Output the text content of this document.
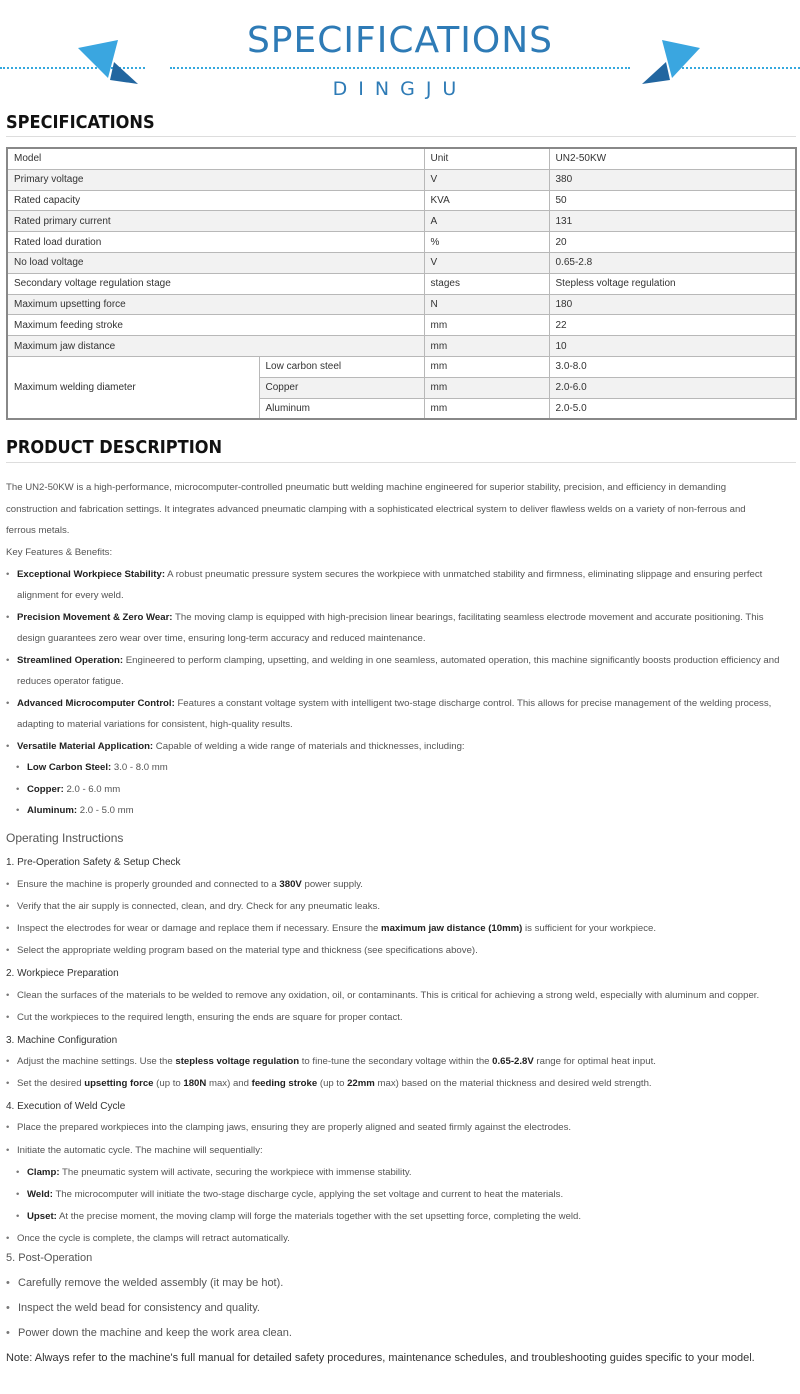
SPECIFICATIONS
DINGJU
SPECIFICATIONS
Model		Unit	UN2-50KW
Primary voltage		V	380
Rated capacity		KVA	50
Rated primary current		A	131
Rated load duration		%	20
No load voltage		V	0.65-2.8
Secondary voltage regulation stage		stages	Stepless voltage regulation
Maximum upsetting force		N	180
Maximum feeding stroke		mm	22
Maximum jaw distance		mm	10
Maximum welding diameter	Low carbon steel	mm	3.0-8.0
	Copper	mm	2.0-6.0
	Aluminum	mm	2.0-5.0
PRODUCT DESCRIPTION
The UN2-50KW is a high-performance, microcomputer-controlled pneumatic butt welding machine engineered for superior stability, precision, and efficiency in demanding
construction and fabrication settings. It integrates advanced pneumatic clamping with a sophisticated electrical system to deliver flawless welds on a variety of non-ferrous and
ferrous metals.
Key Features & Benefits:
• Exceptional Workpiece Stability: A robust pneumatic pressure system secures the workpiece with unmatched stability and firmness, eliminating slippage and ensuring perfect
alignment for every weld.
• Precision Movement & Zero Wear: The moving clamp is equipped with high-precision linear bearings, facilitating seamless electrode movement and accurate positioning. This
design guarantees zero wear over time, ensuring long-term accuracy and reduced maintenance.
• Streamlined Operation: Engineered to perform clamping, upsetting, and welding in one seamless, automated operation, this machine significantly boosts production efficiency and
reduces operator fatigue.
• Advanced Microcomputer Control: Features a constant voltage system with intelligent two-stage discharge control. This allows for precise management of the welding process,
adapting to material variations for consistent, high-quality results.
• Versatile Material Application: Capable of welding a wide range of materials and thicknesses, including:
• Low Carbon Steel: 3.0 - 8.0 mm
• Copper: 2.0 - 6.0 mm
• Aluminum: 2.0 - 5.0 mm
Operating Instructions
1. Pre-Operation Safety & Setup Check
• Ensure the machine is properly grounded and connected to a 380V power supply.
• Verify that the air supply is connected, clean, and dry. Check for any pneumatic leaks.
• Inspect the electrodes for wear or damage and replace them if necessary. Ensure the maximum jaw distance (10mm) is sufficient for your workpiece.
• Select the appropriate welding program based on the material type and thickness (see specifications above).
2. Workpiece Preparation
• Clean the surfaces of the materials to be welded to remove any oxidation, oil, or contaminants. This is critical for achieving a strong weld, especially with aluminum and copper.
• Cut the workpieces to the required length, ensuring the ends are square for proper contact.
3. Machine Configuration
• Adjust the machine settings. Use the stepless voltage regulation to fine-tune the secondary voltage within the 0.65-2.8V range for optimal heat input.
• Set the desired upsetting force (up to 180N max) and feeding stroke (up to 22mm max) based on the material thickness and desired weld strength.
4. Execution of Weld Cycle
• Place the prepared workpieces into the clamping jaws, ensuring they are properly aligned and seated firmly against the electrodes.
• Initiate the automatic cycle. The machine will sequentially:
• Clamp: The pneumatic system will activate, securing the workpiece with immense stability.
• Weld: The microcomputer will initiate the two-stage discharge cycle, applying the set voltage and current to heat the materials.
• Upset: At the precise moment, the moving clamp will forge the materials together with the set upsetting force, completing the weld.
• Once the cycle is complete, the clamps will retract automatically.
5. Post-Operation
• Carefully remove the welded assembly (it may be hot).
• Inspect the weld bead for consistency and quality.
• Power down the machine and keep the work area clean.
Note: Always refer to the machine's full manual for detailed safety procedures, maintenance schedules, and troubleshooting guides specific to your model.
